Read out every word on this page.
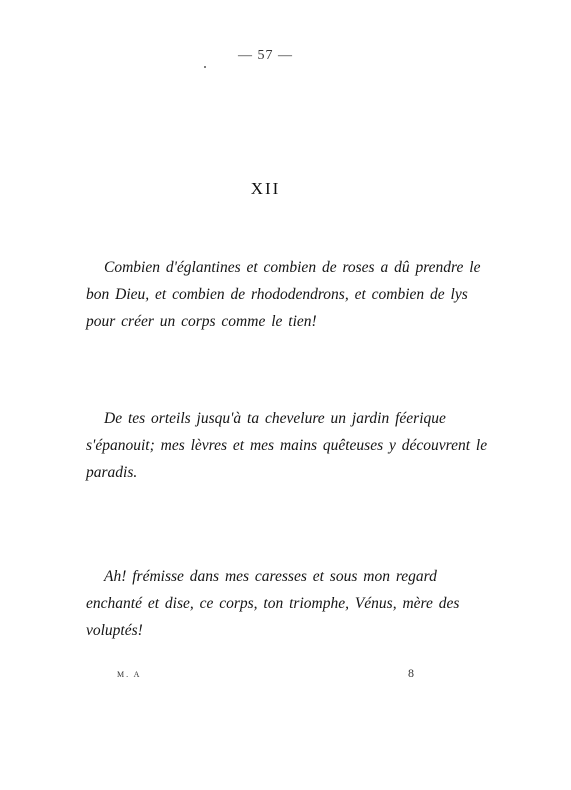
— 57 —
XII

Combien d'églantines et combien de roses a dû prendre le
bon Dieu, et combien de rhododendrons, et combien de lys
pour créer un corps comme le tien!

De tes orteils jusqu'à ta chevelure un jardin féerique
s'épanouit; mes lèvres et mes mains quêteuses y découvrent le
paradis.

Ah! frémisse dans mes caresses et sous mon regard
enchanté et dise, ce corps, ton triomphe, Vénus, mère des
voluptés!

M. A	8
